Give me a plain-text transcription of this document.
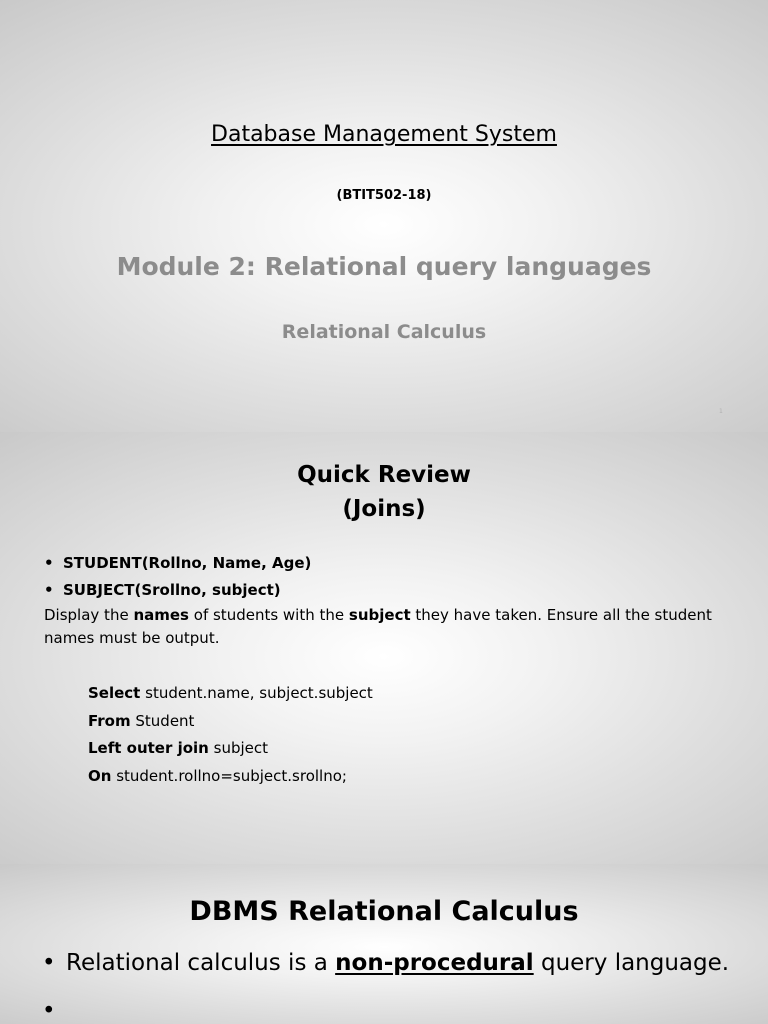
Database Management System
(BTIT502-18)
Module 2: Relational query languages
Relational Calculus
1
Quick Review
(Joins)
• STUDENT(Rollno, Name, Age)
• SUBJECT(Srollno, subject)
Display the names of students with the subject they have taken. Ensure all the student names must be output.
Select student.name, subject.subject
From Student
Left outer join subject
On student.rollno=subject.srollno;
DBMS Relational Calculus
• Relational calculus is a non-procedural query language.
•
